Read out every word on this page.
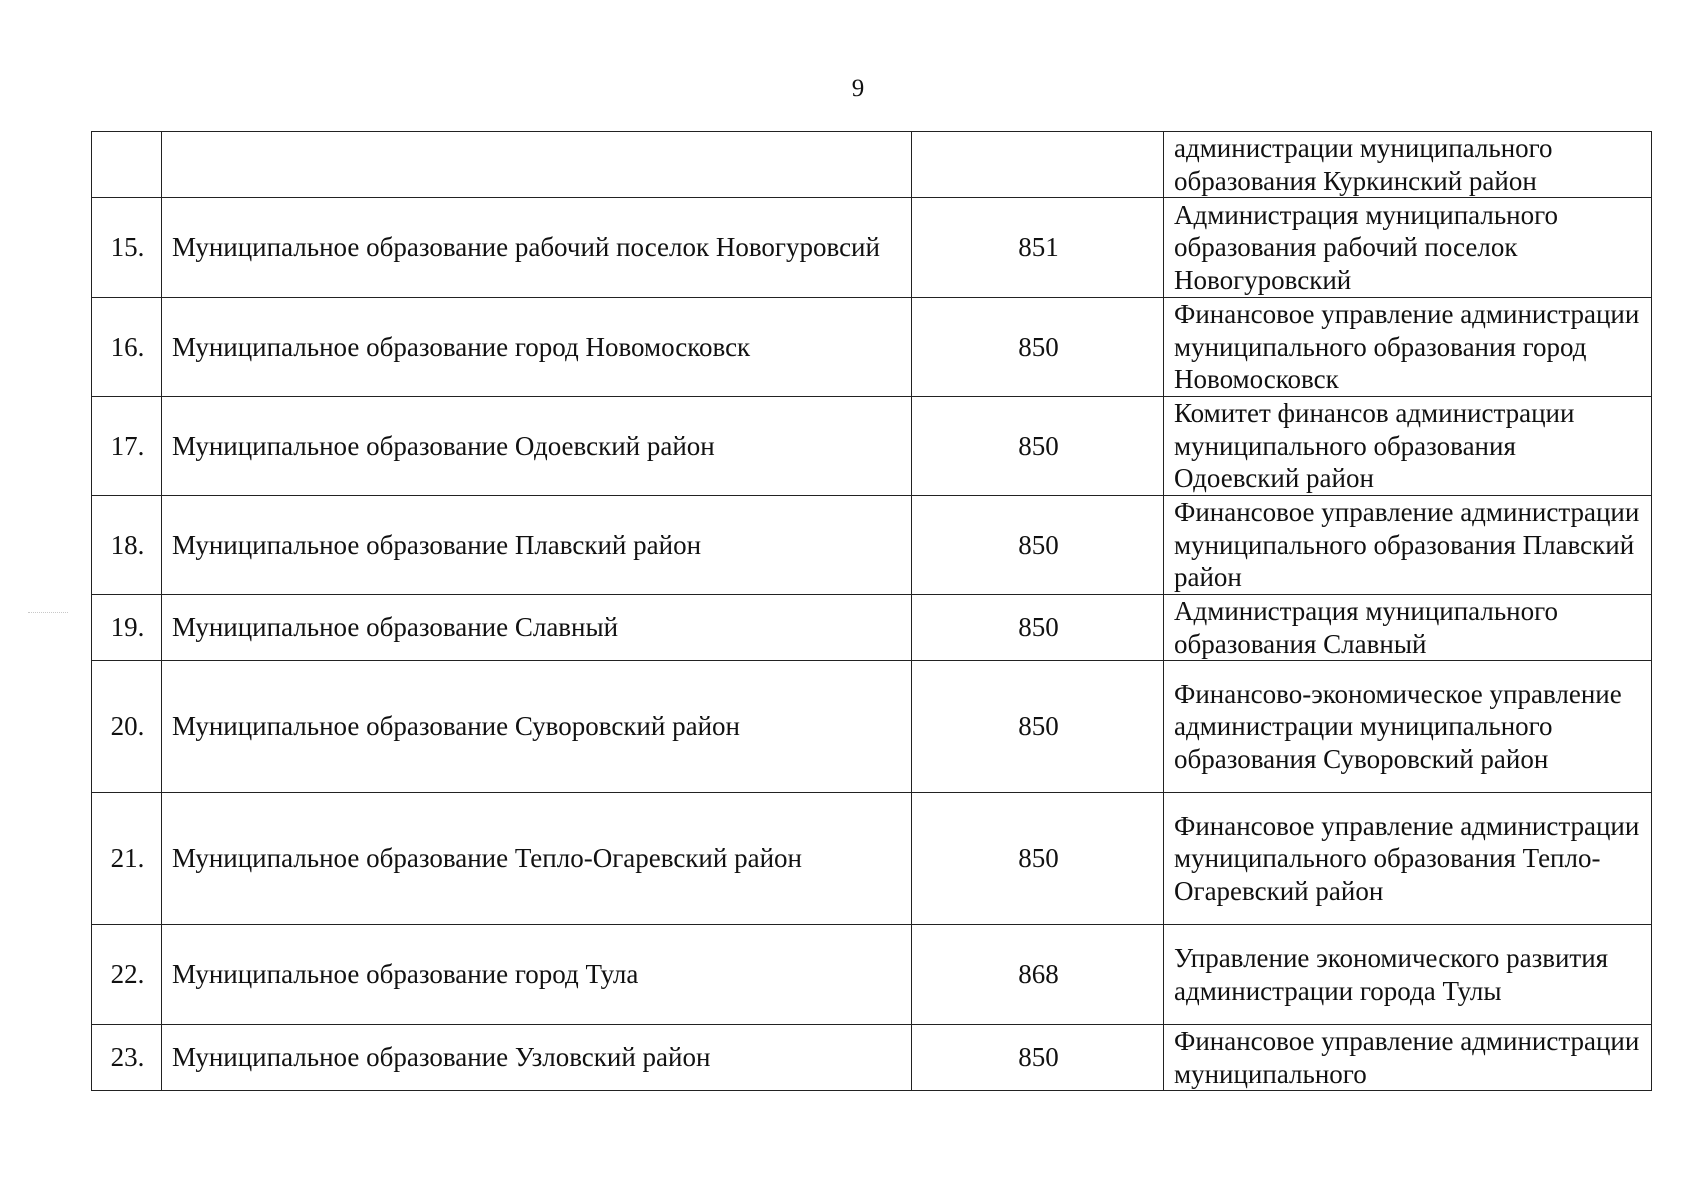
9
			администрации муниципального образования Куркинский район
15.	Муниципальное образование рабочий поселок Новогуровсий	851	Администрация муниципального образования рабочий поселок Новогуровский
16.	Муниципальное образование город Новомосковск	850	Финансовое управление администрации муниципального образования город Новомосковск
17.	Муниципальное образование Одоевский район	850	Комитет финансов администрации муниципального образования Одоевский район
18.	Муниципальное образование Плавский район	850	Финансовое управление администрации муниципального образования Плавский район
19.	Муниципальное образование Славный	850	Администрация муниципального образования Славный
20.	Муниципальное образование Суворовский район	850	Финансово-экономическое управление администрации муниципального образования Суворовский район
21.	Муниципальное образование Тепло-Огаревский район	850	Финансовое управление администрации муниципального образования Тепло-Огаревский район
22.	Муниципальное образование город Тула	868	Управление экономического развития администрации города Тулы
23.	Муниципальное образование Узловский район	850	Финансовое управление администрации муниципального
